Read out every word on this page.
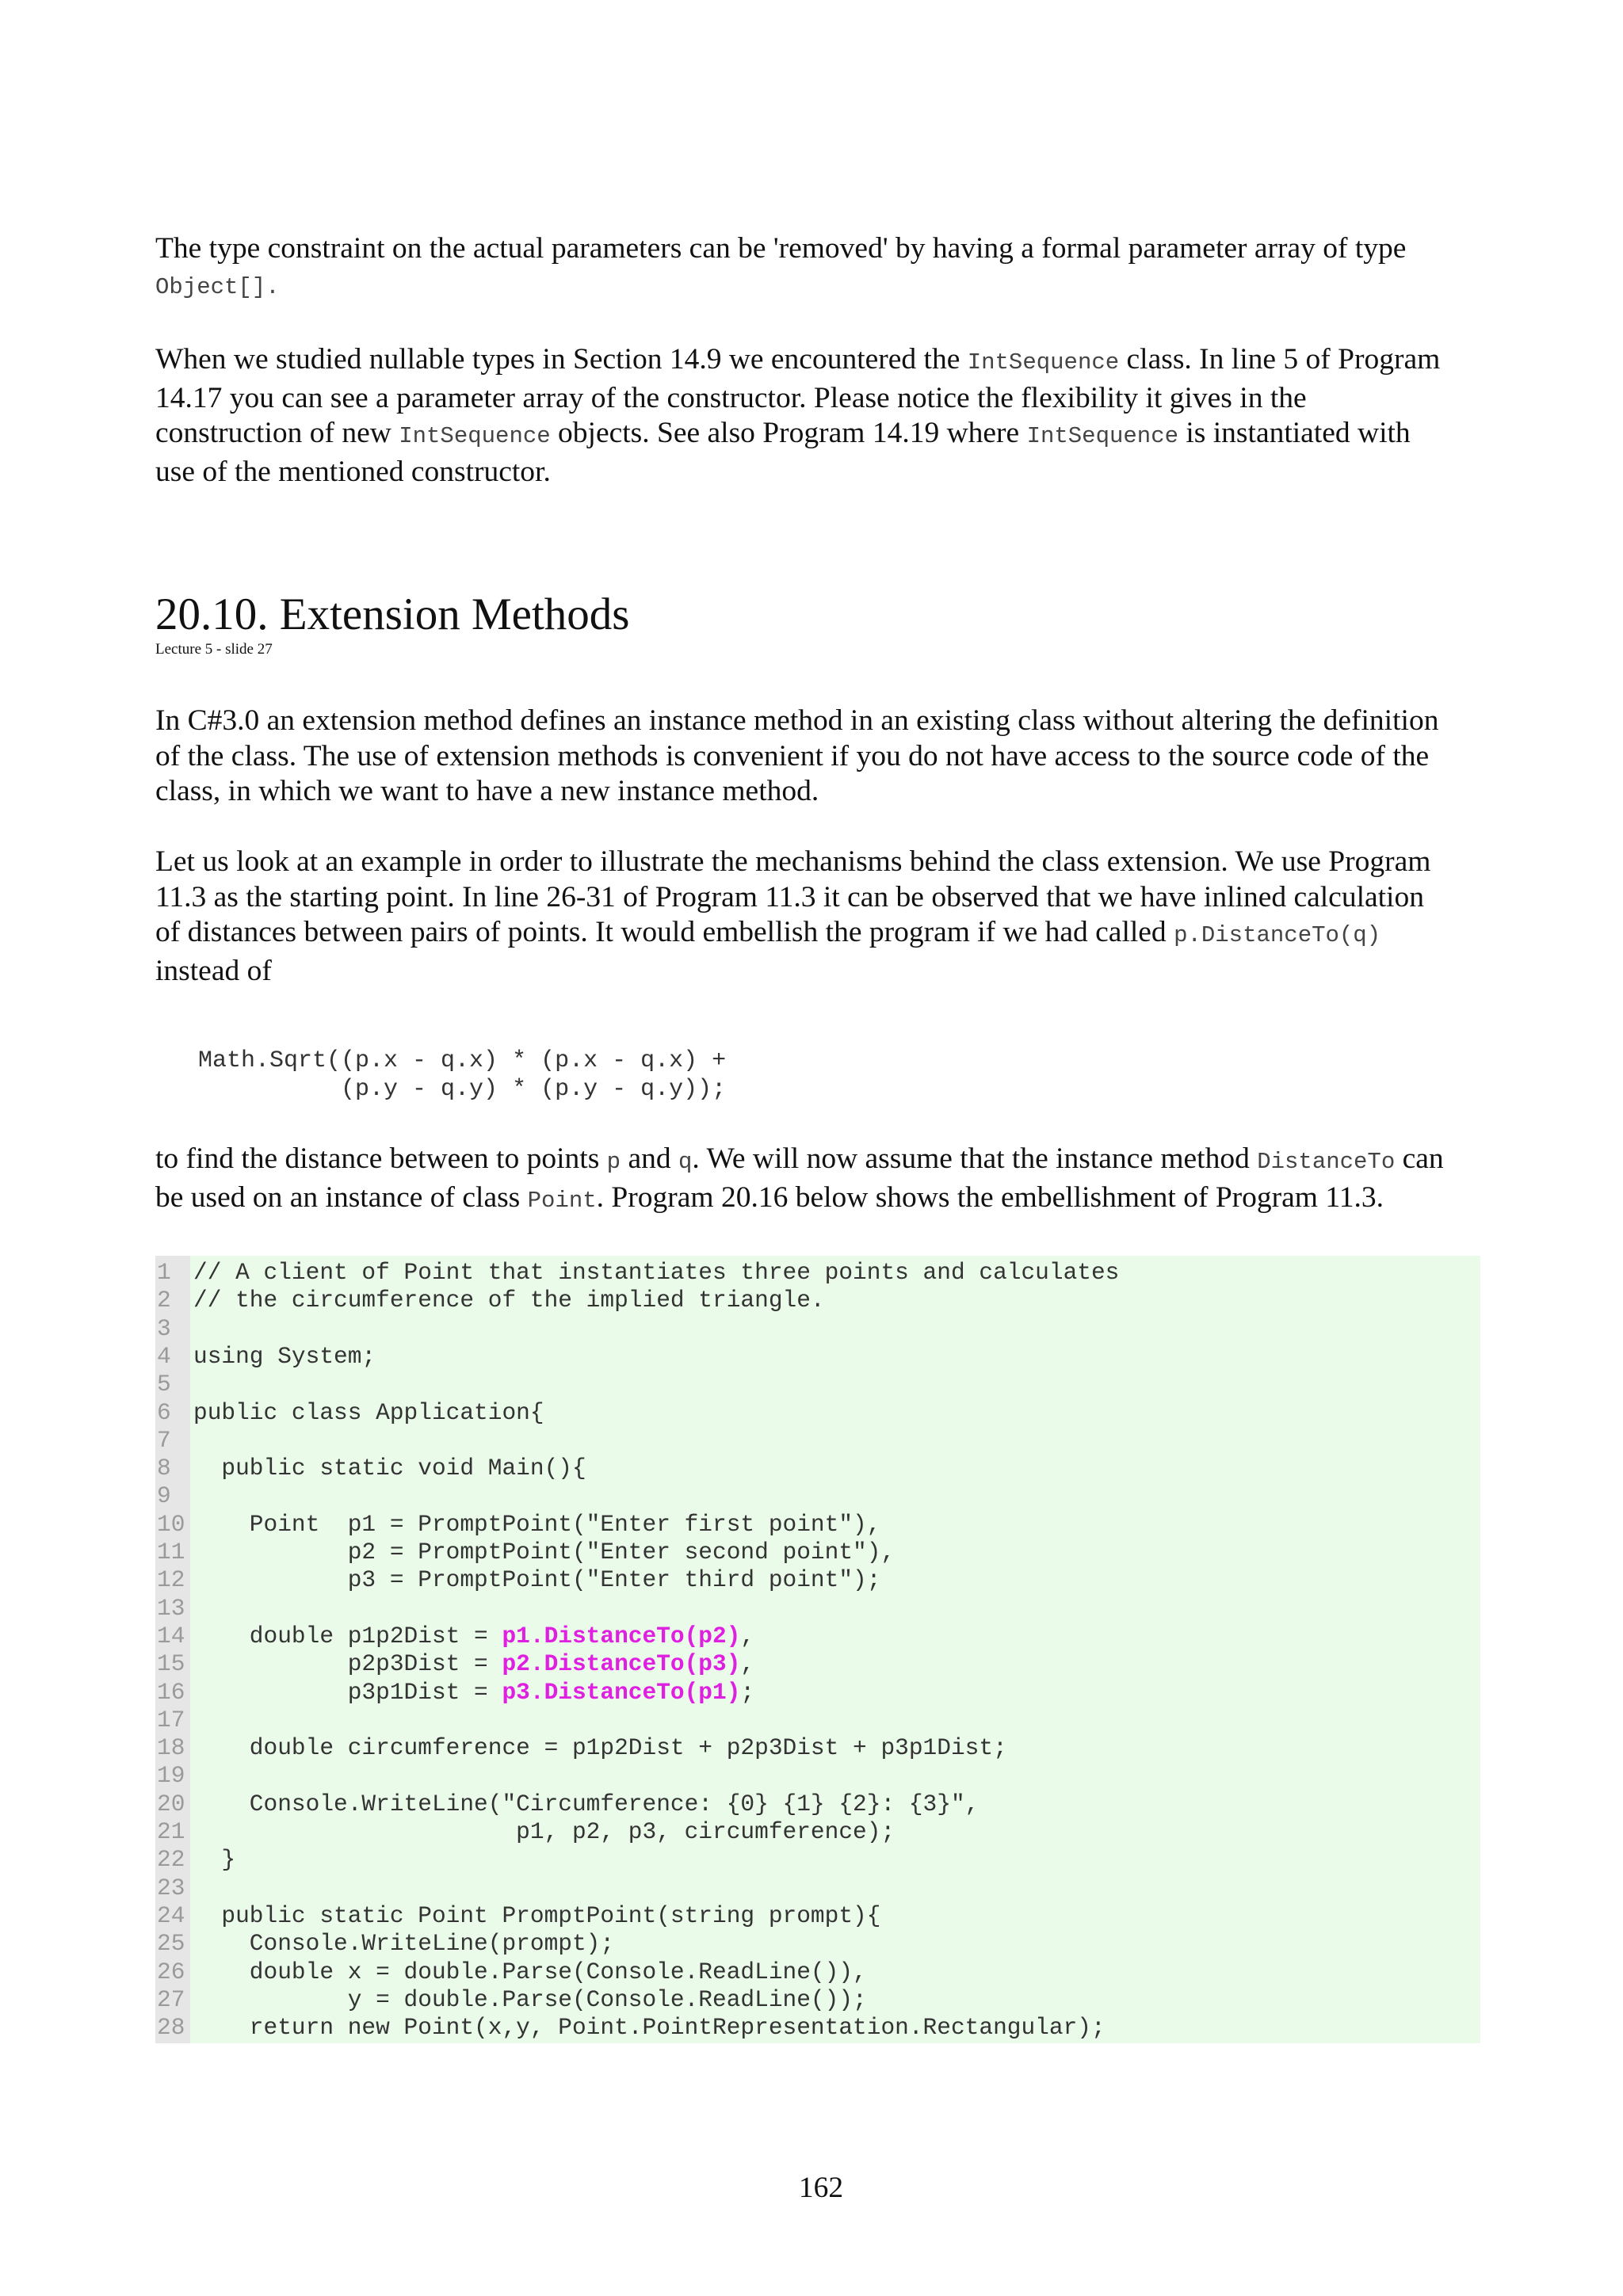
The type constraint on the actual parameters can be 'removed' by having a formal parameter array of type
Object[].

When we studied nullable types in Section 14.9 we encountered the IntSequence class. In line 5 of Program
14.17 you can see a parameter array of the constructor. Please notice the flexibility it gives in the
construction of new IntSequence objects. See also Program 14.19 where IntSequence is instantiated with
use of the mentioned constructor.

20.10. Extension Methods
Lecture 5 - slide 27

In C#3.0 an extension method defines an instance method in an existing class without altering the definition
of the class. The use of extension methods is convenient if you do not have access to the source code of the
class, in which we want to have a new instance method.

Let us look at an example in order to illustrate the mechanisms behind the class extension. We use Program
11.3 as the starting point. In line 26-31 of Program 11.3 it can be observed that we have inlined calculation
of distances between pairs of points. It would embellish the program if we had called p.DistanceTo(q)
instead of

Math.Sqrt((p.x - q.x) * (p.x - q.x) +
(p.y - q.y) * (p.y - q.y));

to find the distance between to points p and q. We will now assume that the instance method DistanceTo can
be used on an instance of class Point. Program 20.16 below shows the embellishment of Program 11.3.

1 // A client of Point that instantiates three points and calculates
2 // the circumference of the implied triangle.
3
4 using System;
5
6 public class Application{
7
8 public static void Main(){
9
10 Point  p1 = PromptPoint("Enter first point"),
11 p2 = PromptPoint("Enter second point"),
12 p3 = PromptPoint("Enter third point");
13
14 double p1p2Dist = p1.DistanceTo(p2),
15 p2p3Dist = p2.DistanceTo(p3),
16 p3p1Dist = p3.DistanceTo(p1);
17
18 double circumference = p1p2Dist + p2p3Dist + p3p1Dist;
19
20 Console.WriteLine("Circumference: {0} {1} {2}: {3}",
21 p1, p2, p3, circumference);
22 }
23
24 public static Point PromptPoint(string prompt){
25 Console.WriteLine(prompt);
26 double x = double.Parse(Console.ReadLine()),
27 y = double.Parse(Console.ReadLine());
28 return new Point(x,y, Point.PointRepresentation.Rectangular);
162
